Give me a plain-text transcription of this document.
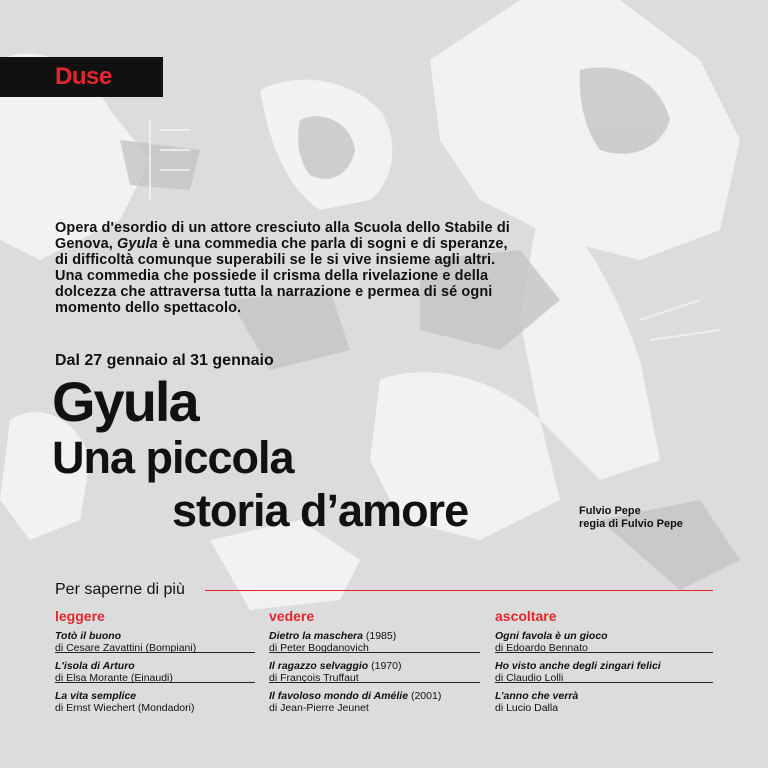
Duse
Opera d'esordio di un attore cresciuto alla Scuola dello Stabile di Genova, Gyula è una commedia che parla di sogni e di speranze, di difficoltà comunque superabili se le si vive insieme agli altri. Una commedia che possiede il crisma della rivelazione e della dolcezza che attraversa tutta la narrazione e permea di sé ogni momento dello spettacolo.
Dal 27 gennaio al 31 gennaio
Gyula
Una piccola
storia d’amore	Fulvio Pepe
regia di Fulvio Pepe
Per saperne di più
leggere
Totò il buono
di Cesare Zavattini (Bompiani)
L'isola di Arturo
di Elsa Morante (Einaudi)
La vita semplice
di Ernst Wiechert (Mondadori)
vedere
Dietro la maschera (1985)
di Peter Bogdanovich
Il ragazzo selvaggio (1970)
di François Truffaut
Il favoloso mondo di Amélie (2001)
di Jean-Pierre Jeunet
ascoltare
Ogni favola è un gioco
di Edoardo Bennato
Ho visto anche degli zingari felici
di Claudio Lolli
L’anno che verrà
di Lucio Dalla
